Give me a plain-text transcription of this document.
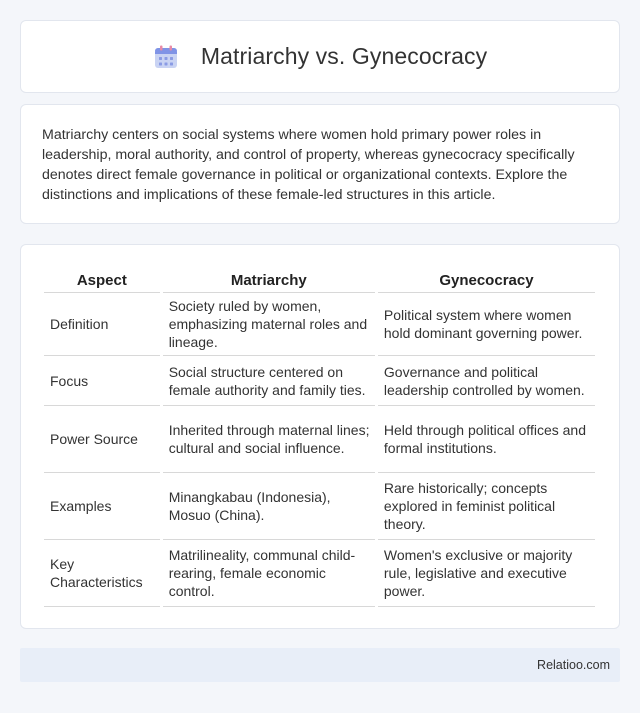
Matriarchy vs. Gynecocracy

Matriarchy centers on social systems where women hold primary power roles in leadership, moral authority, and control of property, whereas gynecocracy specifically denotes direct female governance in political or organizational contexts. Explore the distinctions and implications of these female-led structures in this article.

Aspect	Matriarchy	Gynecocracy
Definition	Society ruled by women, emphasizing maternal roles and lineage.	Political system where women hold dominant governing power.
Focus	Social structure centered on female authority and family ties.	Governance and political leadership controlled by women.
Power Source	Inherited through maternal lines; cultural and social influence.	Held through political offices and formal institutions.
Examples	Minangkabau (Indonesia), Mosuo (China).	Rare historically; concepts explored in feminist political theory.
Key Characteristics	Matrilineality, communal child-rearing, female economic control.	Women's exclusive or majority rule, legislative and executive power.
Relatioo.com
